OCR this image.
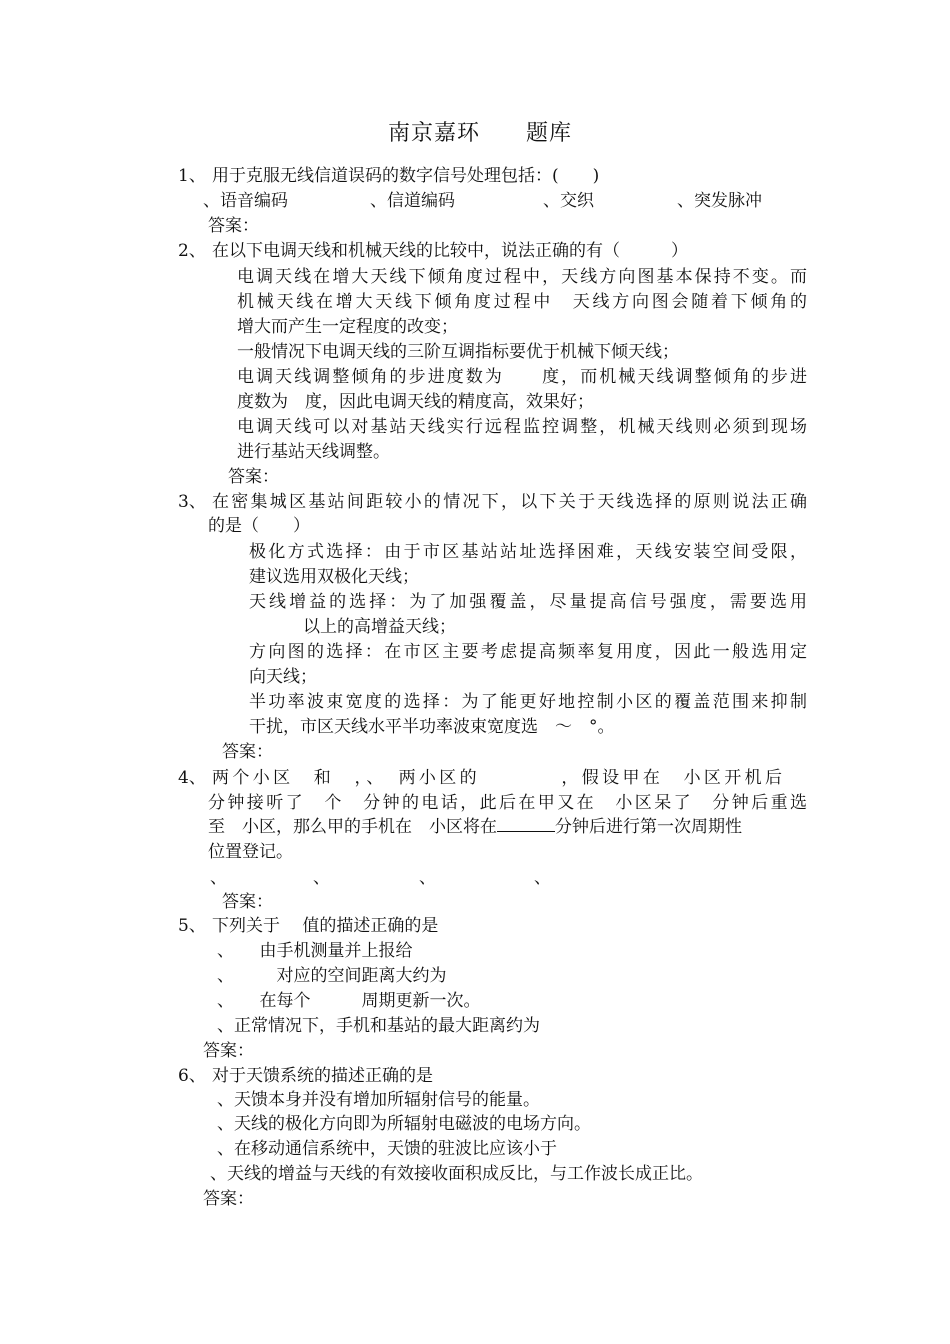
南京嘉环　　题库
1、 用于克服无线信道误码的数字信号处理包括：(　　)
、语音编码	、信道编码	、交织	、突发脉冲
答案：
2、 在以下电调天线和机械天线的比较中，说法正确的有（　　　）
电调天线在增大天线下倾角度过程中，天线方向图基本保持不变。而
机械天线在增大天线下倾角度过程中　天线方向图会随着下倾角的
增大而产生一定程度的改变；
一般情况下电调天线的三阶互调指标要优于机械下倾天线；
电调天线调整倾角的步进度数为　　度，而机械天线调整倾角的步进
度数为　度，因此电调天线的精度高，效果好；
电调天线可以对基站天线实行远程监控调整，机械天线则必须到现场
进行基站天线调整。
答案：
3、 在密集城区基站间距较小的情况下，以下关于天线选择的原则说法正确
的是（　　）
极化方式选择：由于市区基站站址选择困难，天线安装空间受限，
建议选用双极化天线；
天线增益的选择：为了加强覆盖，尽量提高信号强度，需要选用
以上的高增益天线；
方向图的选择：在市区主要考虑提高频率复用度，因此一般选用定
向天线；
半功率波束宽度的选择：为了能更好地控制小区的覆盖范围来抑制
干扰，市区天线水平半功率波束宽度选　～　°。
答案：
4、 两个小区　和　，、　两小区的　　　　，假设甲在　小区开机后
分钟接听了　个　分钟的电话，此后在甲又在　小区呆了　分钟后重选
至　小区，那么甲的手机在　小区将在	分钟后进行第一次周期性
位置登记。
、	、	、	、
答案：
5、 下列关于　 值的描述正确的是
、　　由手机测量并上报给
、　　　对应的空间距离大约为
、　　在每个　　　周期更新一次。
、正常情况下，手机和基站的最大距离约为
答案：
6、 对于天馈系统的描述正确的是
、天馈本身并没有增加所辐射信号的能量。
、天线的极化方向即为所辐射电磁波的电场方向。
、在移动通信系统中，天馈的驻波比应该小于
、天线的增益与天线的有效接收面积成反比，与工作波长成正比。
答案：
